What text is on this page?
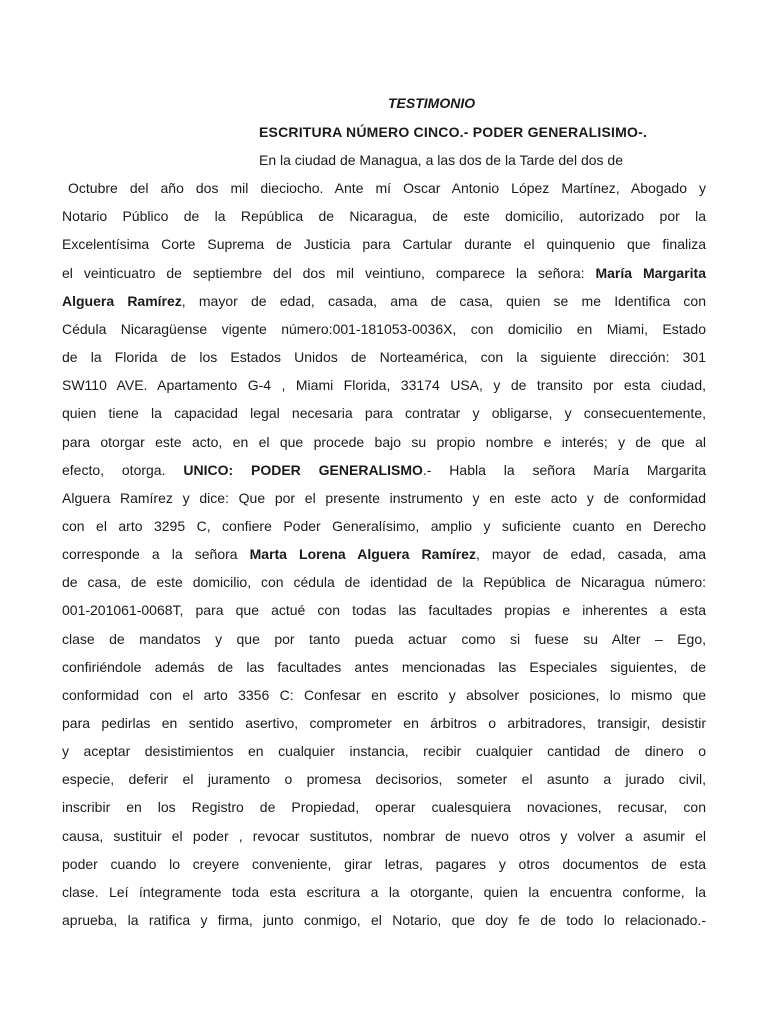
TESTIMONIO
ESCRITURA NÚMERO CINCO.- PODER GENERALISIMO-.
En la ciudad de Managua, a las dos de la Tarde del dos de
Octubre del año dos mil dieciocho. Ante mí Oscar Antonio López Martínez, Abogado y
Notario Público de la República de Nicaragua, de este domicilio, autorizado por la
Excelentísima Corte Suprema de Justicia para Cartular durante el quinquenio que finaliza
el veinticuatro de septiembre del dos mil veintiuno, comparece la señora: María Margarita
Alguera Ramírez, mayor de edad, casada, ama de casa, quien se me Identifica con
Cédula Nicaragüense vigente número:001-181053-0036X, con domicilio en Miami, Estado
de la Florida de los Estados Unidos de Norteamérica, con la siguiente dirección: 301
SW110 AVE. Apartamento G-4 , Miami Florida, 33174 USA, y de transito por esta ciudad,
quien tiene la capacidad legal necesaria para contratar y obligarse, y consecuentemente,
para otorgar este acto, en el que procede bajo su propio nombre e interés; y de que al
efecto, otorga. UNICO: PODER GENERALISMO.- Habla la señora María Margarita
Alguera Ramírez y dice: Que por el presente instrumento y en este acto y de conformidad
con el arto 3295 C, confiere Poder Generalísimo, amplio y suficiente cuanto en Derecho
corresponde a la señora Marta Lorena Alguera Ramírez, mayor de edad, casada, ama
de casa, de este domicilio, con cédula de identidad de la República de Nicaragua número:
001-201061-0068T, para que actué con todas las facultades propias e inherentes a esta
clase de mandatos y que por tanto pueda actuar como si fuese su Alter – Ego,
confiriéndole además de las facultades antes mencionadas las Especiales siguientes, de
conformidad con el arto 3356 C: Confesar en escrito y absolver posiciones, lo mismo que
para pedirlas en sentido asertivo, comprometer en árbitros o arbitradores, transigir, desistir
y aceptar desistimientos en cualquier instancia, recibir cualquier cantidad de dinero o
especie, deferir el juramento o promesa decisorios, someter el asunto a jurado civil,
inscribir en los Registro de Propiedad, operar cualesquiera novaciones, recusar, con
causa, sustituir el poder , revocar sustitutos, nombrar de nuevo otros y volver a asumir el
poder cuando lo creyere conveniente, girar letras, pagares y otros documentos de esta
clase. Leí íntegramente toda esta escritura a la otorgante, quien la encuentra conforme, la
aprueba, la ratifica y firma, junto conmigo, el Notario, que doy fe de todo lo relacionado.-
